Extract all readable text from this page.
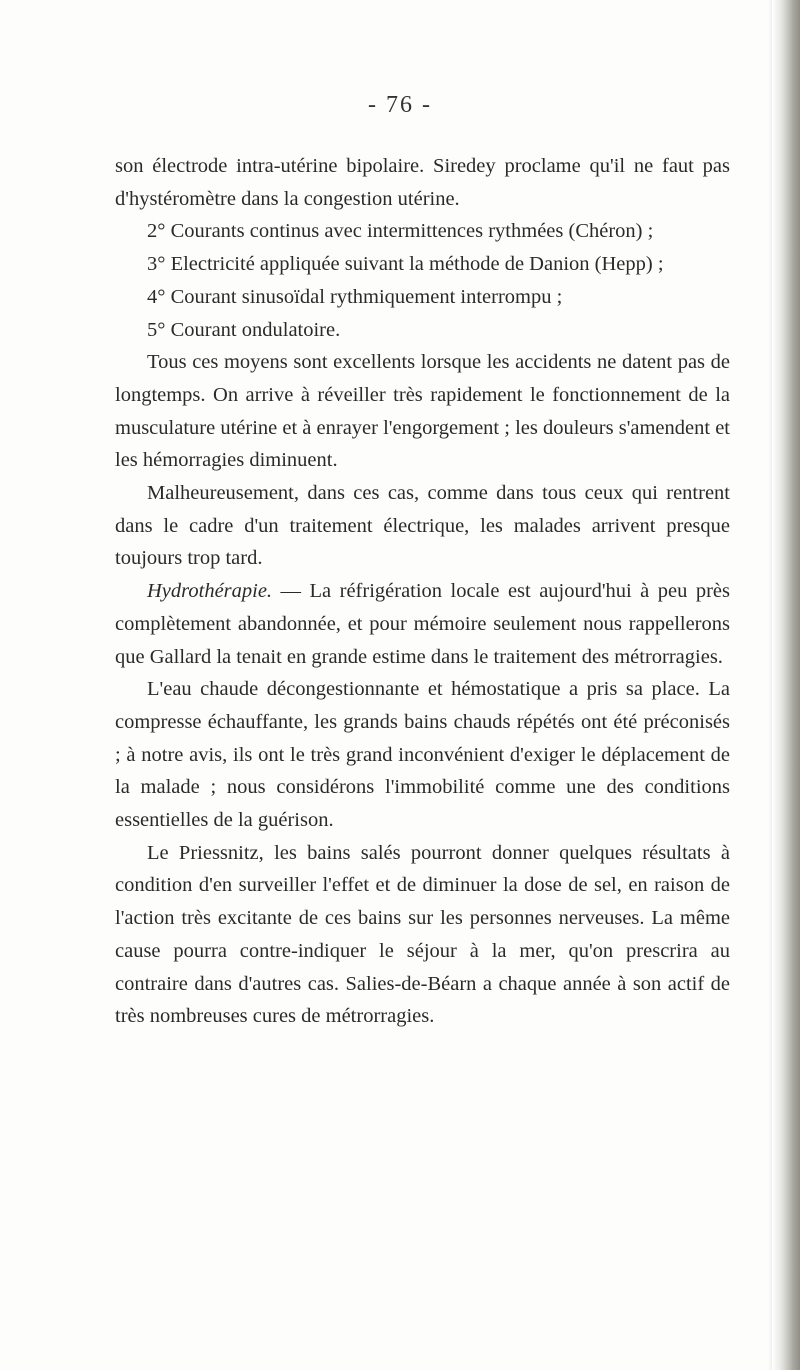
- 76 -

son électrode intra-utérine bipolaire. Siredey proclame qu'il ne faut pas d'hystéromètre dans la congestion utérine.

2° Courants continus avec intermittences rythmées (Chéron) ;

3° Electricité appliquée suivant la méthode de Danion (Hepp) ;

4° Courant sinusoïdal rythmiquement interrompu ;

5° Courant ondulatoire.

Tous ces moyens sont excellents lorsque les accidents ne datent pas de longtemps. On arrive à réveiller très rapidement le fonctionnement de la musculature utérine et à enrayer l'engorgement ; les douleurs s'amendent et les hémorragies diminuent.

Malheureusement, dans ces cas, comme dans tous ceux qui rentrent dans le cadre d'un traitement électrique, les malades arrivent presque toujours trop tard.

Hydrothérapie. — La réfrigération locale est aujourd'hui à peu près complètement abandonnée, et pour mémoire seulement nous rappellerons que Gallard la tenait en grande estime dans le traitement des métrorragies.

L'eau chaude décongestionnante et hémostatique a pris sa place. La compresse échauffante, les grands bains chauds répétés ont été préconisés ; à notre avis, ils ont le très grand inconvénient d'exiger le déplacement de la malade ; nous considérons l'immobilité comme une des conditions essentielles de la guérison.

Le Priessnitz, les bains salés pourront donner quelques résultats à condition d'en surveiller l'effet et de diminuer la dose de sel, en raison de l'action très excitante de ces bains sur les personnes nerveuses. La même cause pourra contre-indiquer le séjour à la mer, qu'on prescrira au contraire dans d'autres cas. Salies-de-Béarn a chaque année à son actif de très nombreuses cures de métrorragies.
